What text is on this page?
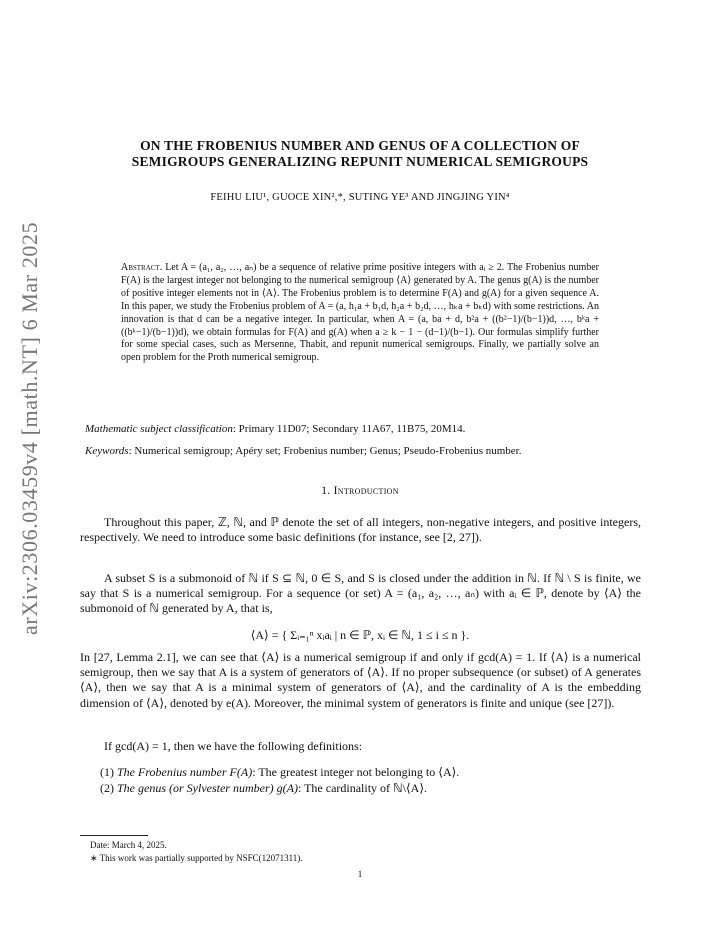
arXiv:2306.03459v4 [math.NT] 6 Mar 2025
ON THE FROBENIUS NUMBER AND GENUS OF A COLLECTION OF
SEMIGROUPS GENERALIZING REPUNIT NUMERICAL SEMIGROUPS
FEIHU LIU¹, GUOCE XIN²,*, SUTING YE³ AND JINGJING YIN⁴
Abstract. Let A = (a₁, a₂, …, aₙ) be a sequence of relative prime positive integers with aᵢ ≥ 2. The Frobenius number F(A) is the largest integer not belonging to the numerical semigroup ⟨A⟩ generated by A. The genus g(A) is the number of positive integer elements not in ⟨A⟩. The Frobenius problem is to determine F(A) and g(A) for a given sequence A. In this paper, we study the Frobenius problem of A = (a, h₁a + b₁d, h₂a + b₂d, …, hₖa + bₖd) with some restrictions. An innovation is that d can be a negative integer. In particular, when A = (a, ba + d, b²a + ((b²−1)/(b−1))d, …, bᵏa + ((bᵏ−1)/(b−1))d), we obtain formulas for F(A) and g(A) when a ≥ k − 1 − (d−1)/(b−1). Our formulas simplify further for some special cases, such as Mersenne, Thabit, and repunit numerical semigroups. Finally, we partially solve an open problem for the Proth numerical semigroup.
Mathematic subject classification: Primary 11D07; Secondary 11A67, 11B75, 20M14.
Keywords: Numerical semigroup; Apéry set; Frobenius number; Genus; Pseudo-Frobenius number.
1. Introduction
Throughout this paper, ℤ, ℕ, and ℙ denote the set of all integers, non-negative integers, and positive integers, respectively. We need to introduce some basic definitions (for instance, see [2, 27]).
A subset S is a submonoid of ℕ if S ⊆ ℕ, 0 ∈ S, and S is closed under the addition in ℕ. If ℕ \ S is finite, we say that S is a numerical semigroup. For a sequence (or set) A = (a₁, a₂, …, aₙ) with aᵢ ∈ ℙ, denote by ⟨A⟩ the submonoid of ℕ generated by A, that is,
⟨A⟩ = { Σᵢ₌₁ⁿ xᵢaᵢ | n ∈ ℙ, xᵢ ∈ ℕ, 1 ≤ i ≤ n }.
In [27, Lemma 2.1], we can see that ⟨A⟩ is a numerical semigroup if and only if gcd(A) = 1. If ⟨A⟩ is a numerical semigroup, then we say that A is a system of generators of ⟨A⟩. If no proper subsequence (or subset) of A generates ⟨A⟩, then we say that A is a minimal system of generators of ⟨A⟩, and the cardinality of A is the embedding dimension of ⟨A⟩, denoted by e(A). Moreover, the minimal system of generators is finite and unique (see [27]).
If gcd(A) = 1, then we have the following definitions:
(1) The Frobenius number F(A): The greatest integer not belonging to ⟨A⟩.
(2) The genus (or Sylvester number) g(A): The cardinality of ℕ\⟨A⟩.
Date: March 4, 2025.
∗ This work was partially supported by NSFC(12071311).
1
